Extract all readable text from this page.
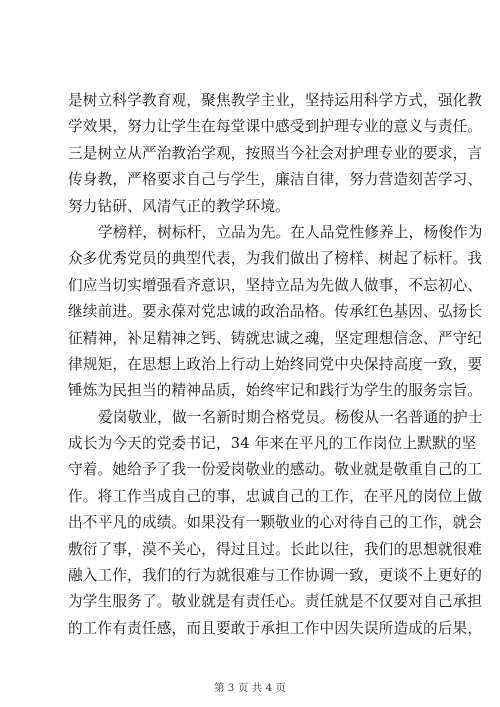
是树立科学教育观，聚焦教学主业，坚持运用科学方式，强化教
学效果，努力让学生在每堂课中感受到护理专业的意义与责任。
三是树立从严治教治学观，按照当今社会对护理专业的要求，言
传身教，严格要求自己与学生，廉洁自律，努力营造刻苦学习、
努力钻研、风清气正的教学环境。
学榜样，树标杆，立品为先。在人品党性修养上，杨俊作为
众多优秀党员的典型代表，为我们做出了榜样、树起了标杆。我
们应当切实增强看齐意识，坚持立品为先做人做事，不忘初心、
继续前进。要永葆对党忠诚的政治品格。传承红色基因、弘扬长
征精神，补足精神之钙、铸就忠诚之魂，坚定理想信念、严守纪
律规矩，在思想上政治上行动上始终同党中央保持高度一致，要
锤炼为民担当的精神品质，始终牢记和践行为学生的服务宗旨。
爱岗敬业，做一名新时期合格党员。杨俊从一名普通的护士
成长为今天的党委书记，34 年来在平凡的工作岗位上默默的坚
守着。她给予了我一份爱岗敬业的感动。敬业就是敬重自己的工
作。将工作当成自己的事，忠诚自己的工作，在平凡的岗位上做
出不平凡的成绩。如果没有一颗敬业的心对待自己的工作，就会
敷衍了事，漠不关心，得过且过。长此以往，我们的思想就很难
融入工作，我们的行为就很难与工作协调一致，更谈不上更好的
为学生服务了。敬业就是有责任心。责任就是不仅要对自己承担
的工作有责任感，而且要敢于承担工作中因失误所造成的后果，
第 3 页 共 4 页
